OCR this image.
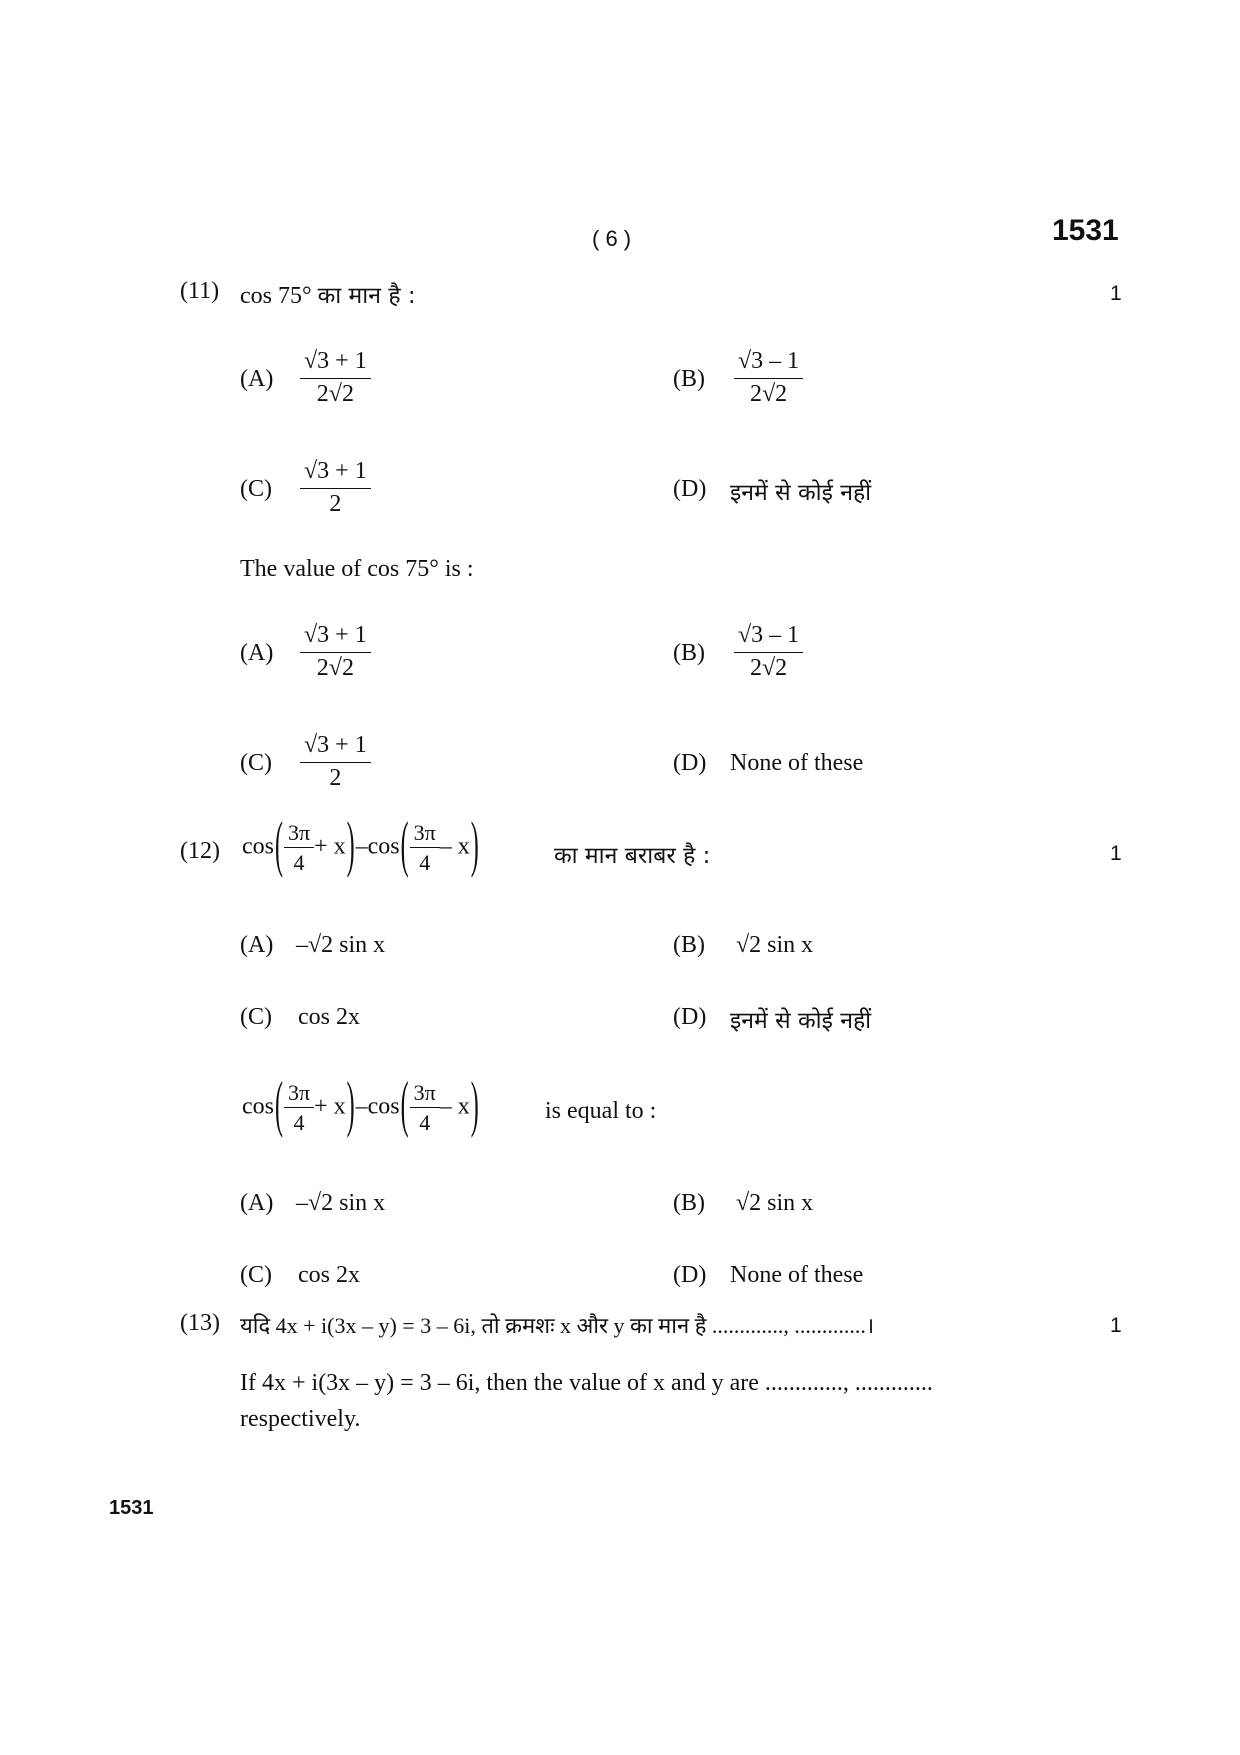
( 6 )	1531
(11) cos 75° का मान है :	1
$(A) \frac{√3 + 1}{2√2}$	$(B) \frac{√3 - 1}{2√2}$
$(C) \frac{√3 + 1}{2}$	(D) इनमें से कोई नहीं
The value of cos 75° is :
$(A) \frac{√3 + 1}{2√2}$	$(B) \frac{√3 - 1}{2√2}$
$(C) \frac{√3 + 1}{2}$	(D) None of these
(12) $\cos( \frac{3\pi}{4} + x)-\cos( \frac{3\pi}{4} - x)$	का मान बराबर है :	1
(A) –√2 sin x	(B) √2 sin x
(C) cos 2x	(D) इनमें से कोई नहीं
$\cos( \frac{3\pi}{4} + x)-\cos( \frac{3\pi}{4} - x)$	is equal to :
(A) –√2 sin x	(B) √2 sin x
(C) cos 2x	(D) None of these
(13) यदि 4x + i(3x – y) = 3 – 6i, तो क्रमशः x और y का मान है ............., .............।	1
If 4x + i(3x – y) = 3 – 6i, then the value of x and y are ............., .............
respectively.
1531
